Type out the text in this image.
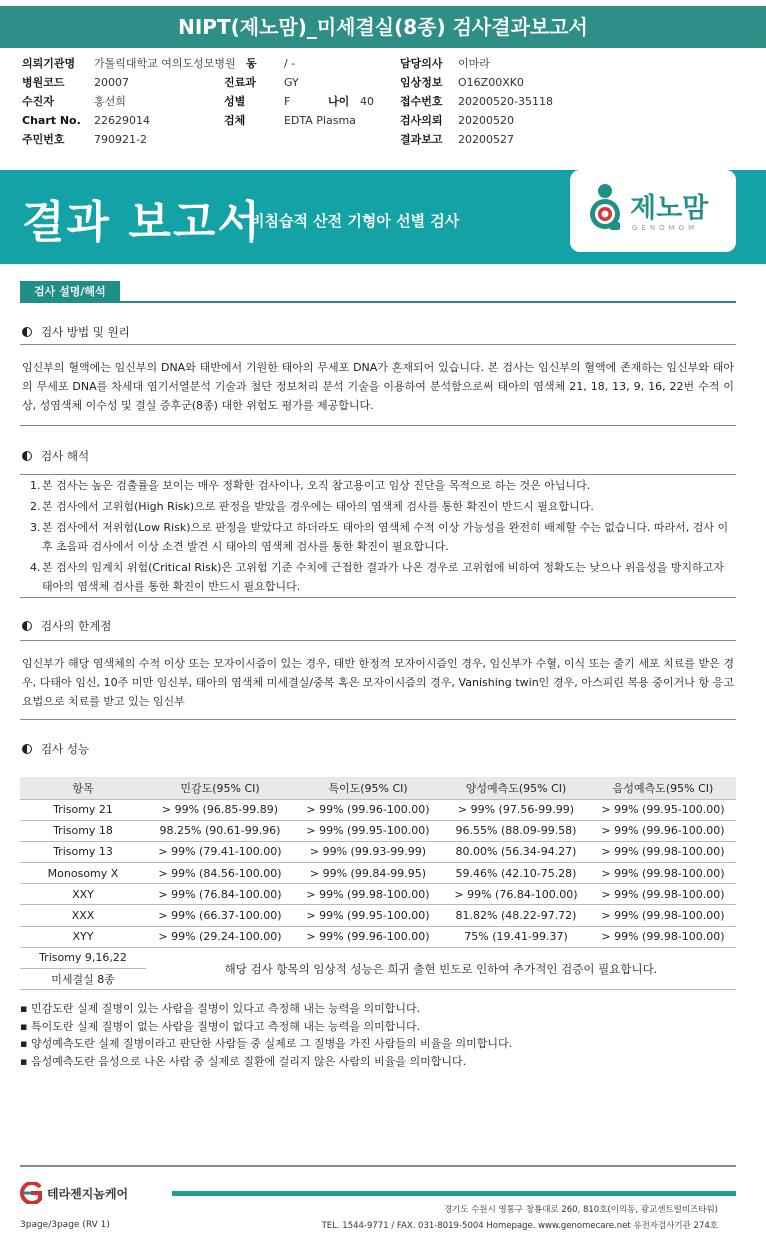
NIPT(제노맘)_미세결실(8종) 검사결과보고서
의뢰기관명	가톨릭대학교 여의도성모병원
병원코드	20007
수진자	홍선희
Chart No.	22629014
주민번호	790921-2
동	/ -
진료과	GY
성별	F	나이 40
검체	EDTA Plasma
담당의사	이마라
임상정보	O16Z00XK0
접수번호	20200520-35118
검사의뢰	20200520
결과보고	20200527
결과 보고서
비침습적 산전 기형아 선별 검사	제노맘
GENOMOM
검사 설명/해석
검사 방법 및 원리
임신부의 혈액에는 임신부의 DNA와 태반에서 기원한 태아의 무세포 DNA가 혼재되어 있습니다. 본 검사는 임신부의 혈액에 존재하는 임신부와 태아의 무세포 DNA를 차세대 염기서열분석 기술과 첨단 정보처리 분석 기술을 이용하여 분석함으로써 태아의 염색체 21, 18, 13, 9, 16, 22번 수적 이상, 성염색체 이수성 및 결실 증후군(8종) 대한 위험도 평가를 제공합니다.
검사 해석
1. 본 검사는 높은 검출률을 보이는 매우 정확한 검사이나, 오직 참고용이고 임상 진단을 목적으로 하는 것은 아닙니다.
2. 본 검사에서 고위험(High Risk)으로 판정을 받았을 경우에는 태아의 염색체 검사를 통한 확진이 반드시 필요합니다.
3. 본 검사에서 저위험(Low Risk)으로 판정을 받았다고 하더라도 태아의 염색체 수적 이상 가능성을 완전히 배제할 수는 없습니다. 따라서, 검사 이후 초음파 검사에서 이상 소견 발견 시 태아의 염색체 검사를 통한 확진이 필요합니다.
4. 본 검사의 임계치 위험(Critical Risk)은 고위험 기준 수치에 근접한 결과가 나온 경우로 고위험에 비하여 정확도는 낮으나 위음성을 방지하고자 태아의 염색체 검사를 통한 확진이 반드시 필요합니다.
검사의 한계점
임신부가 해당 염색체의 수적 이상 또는 모자이시즘이 있는 경우, 태반 한정적 모자이시즘인 경우, 임신부가 수혈, 이식 또는 줄기 세포 치료를 받은 경우, 다태아 임신, 10주 미만 임신부, 태아의 염색체 미세결실/중복 혹은 모자이시즘의 경우, Vanishing twin인 경우, 아스피린 복용 중이거나 항 응고 요법으로 치료를 받고 있는 임신부
검사 성능
항목	민감도(95% CI)	특이도(95% CI)	양성예측도(95% CI)	음성예측도(95% CI)
Trisomy 21	> 99% (96.85-99.89)	> 99% (99.96-100.00)	> 99% (97.56-99.99)	> 99% (99.95-100.00)
Trisomy 18	98.25% (90.61-99.96)	> 99% (99.95-100.00)	96.55% (88.09-99.58)	> 99% (99.96-100.00)
Trisomy 13	> 99% (79.41-100.00)	> 99% (99.93-99.99)	80.00% (56.34-94.27)	> 99% (99.98-100.00)
Monosomy X	> 99% (84.56-100.00)	> 99% (99.84-99.95)	59.46% (42.10-75.28)	> 99% (99.98-100.00)
XXY	> 99% (76.84-100.00)	> 99% (99.98-100.00)	> 99% (76.84-100.00)	> 99% (99.98-100.00)
XXX	> 99% (66.37-100.00)	> 99% (99.95-100.00)	81.82% (48.22-97.72)	> 99% (99.98-100.00)
XYY	> 99% (29.24-100.00)	> 99% (99.96-100.00)	75% (19.41-99.37)	> 99% (99.98-100.00)
Trisomy 9,16,22	해당 검사 항목의 임상적 성능은 희귀 출현 빈도로 인하여 추가적인 검증이 필요합니다.			
미세결실 8종				
▪ 민감도란 실제 질병이 있는 사람을 질병이 있다고 측정해 내는 능력을 의미합니다.
▪ 특이도란 실제 질병이 없는 사람을 질병이 없다고 측정해 내는 능력을 의미합니다.
▪ 양성예측도란 실제 질병이라고 판단한 사람들 중 실제로 그 질병을 가진 사람들의 비율을 의미합니다.
▪ 음성예측도란 음성으로 나온 사람 중 실제로 질환에 걸리지 않은 사람의 비율을 의미합니다.
테라젠지놈케어
경기도 수원시 영통구 창룡대로 260, 810호(이의동, 광교센트럴비즈타워)
TEL. 1544-9771 / FAX. 031-8019-5004 Homepage. www.genomecare.net 유전자검사기관 274호
3page/3page (RV 1)
